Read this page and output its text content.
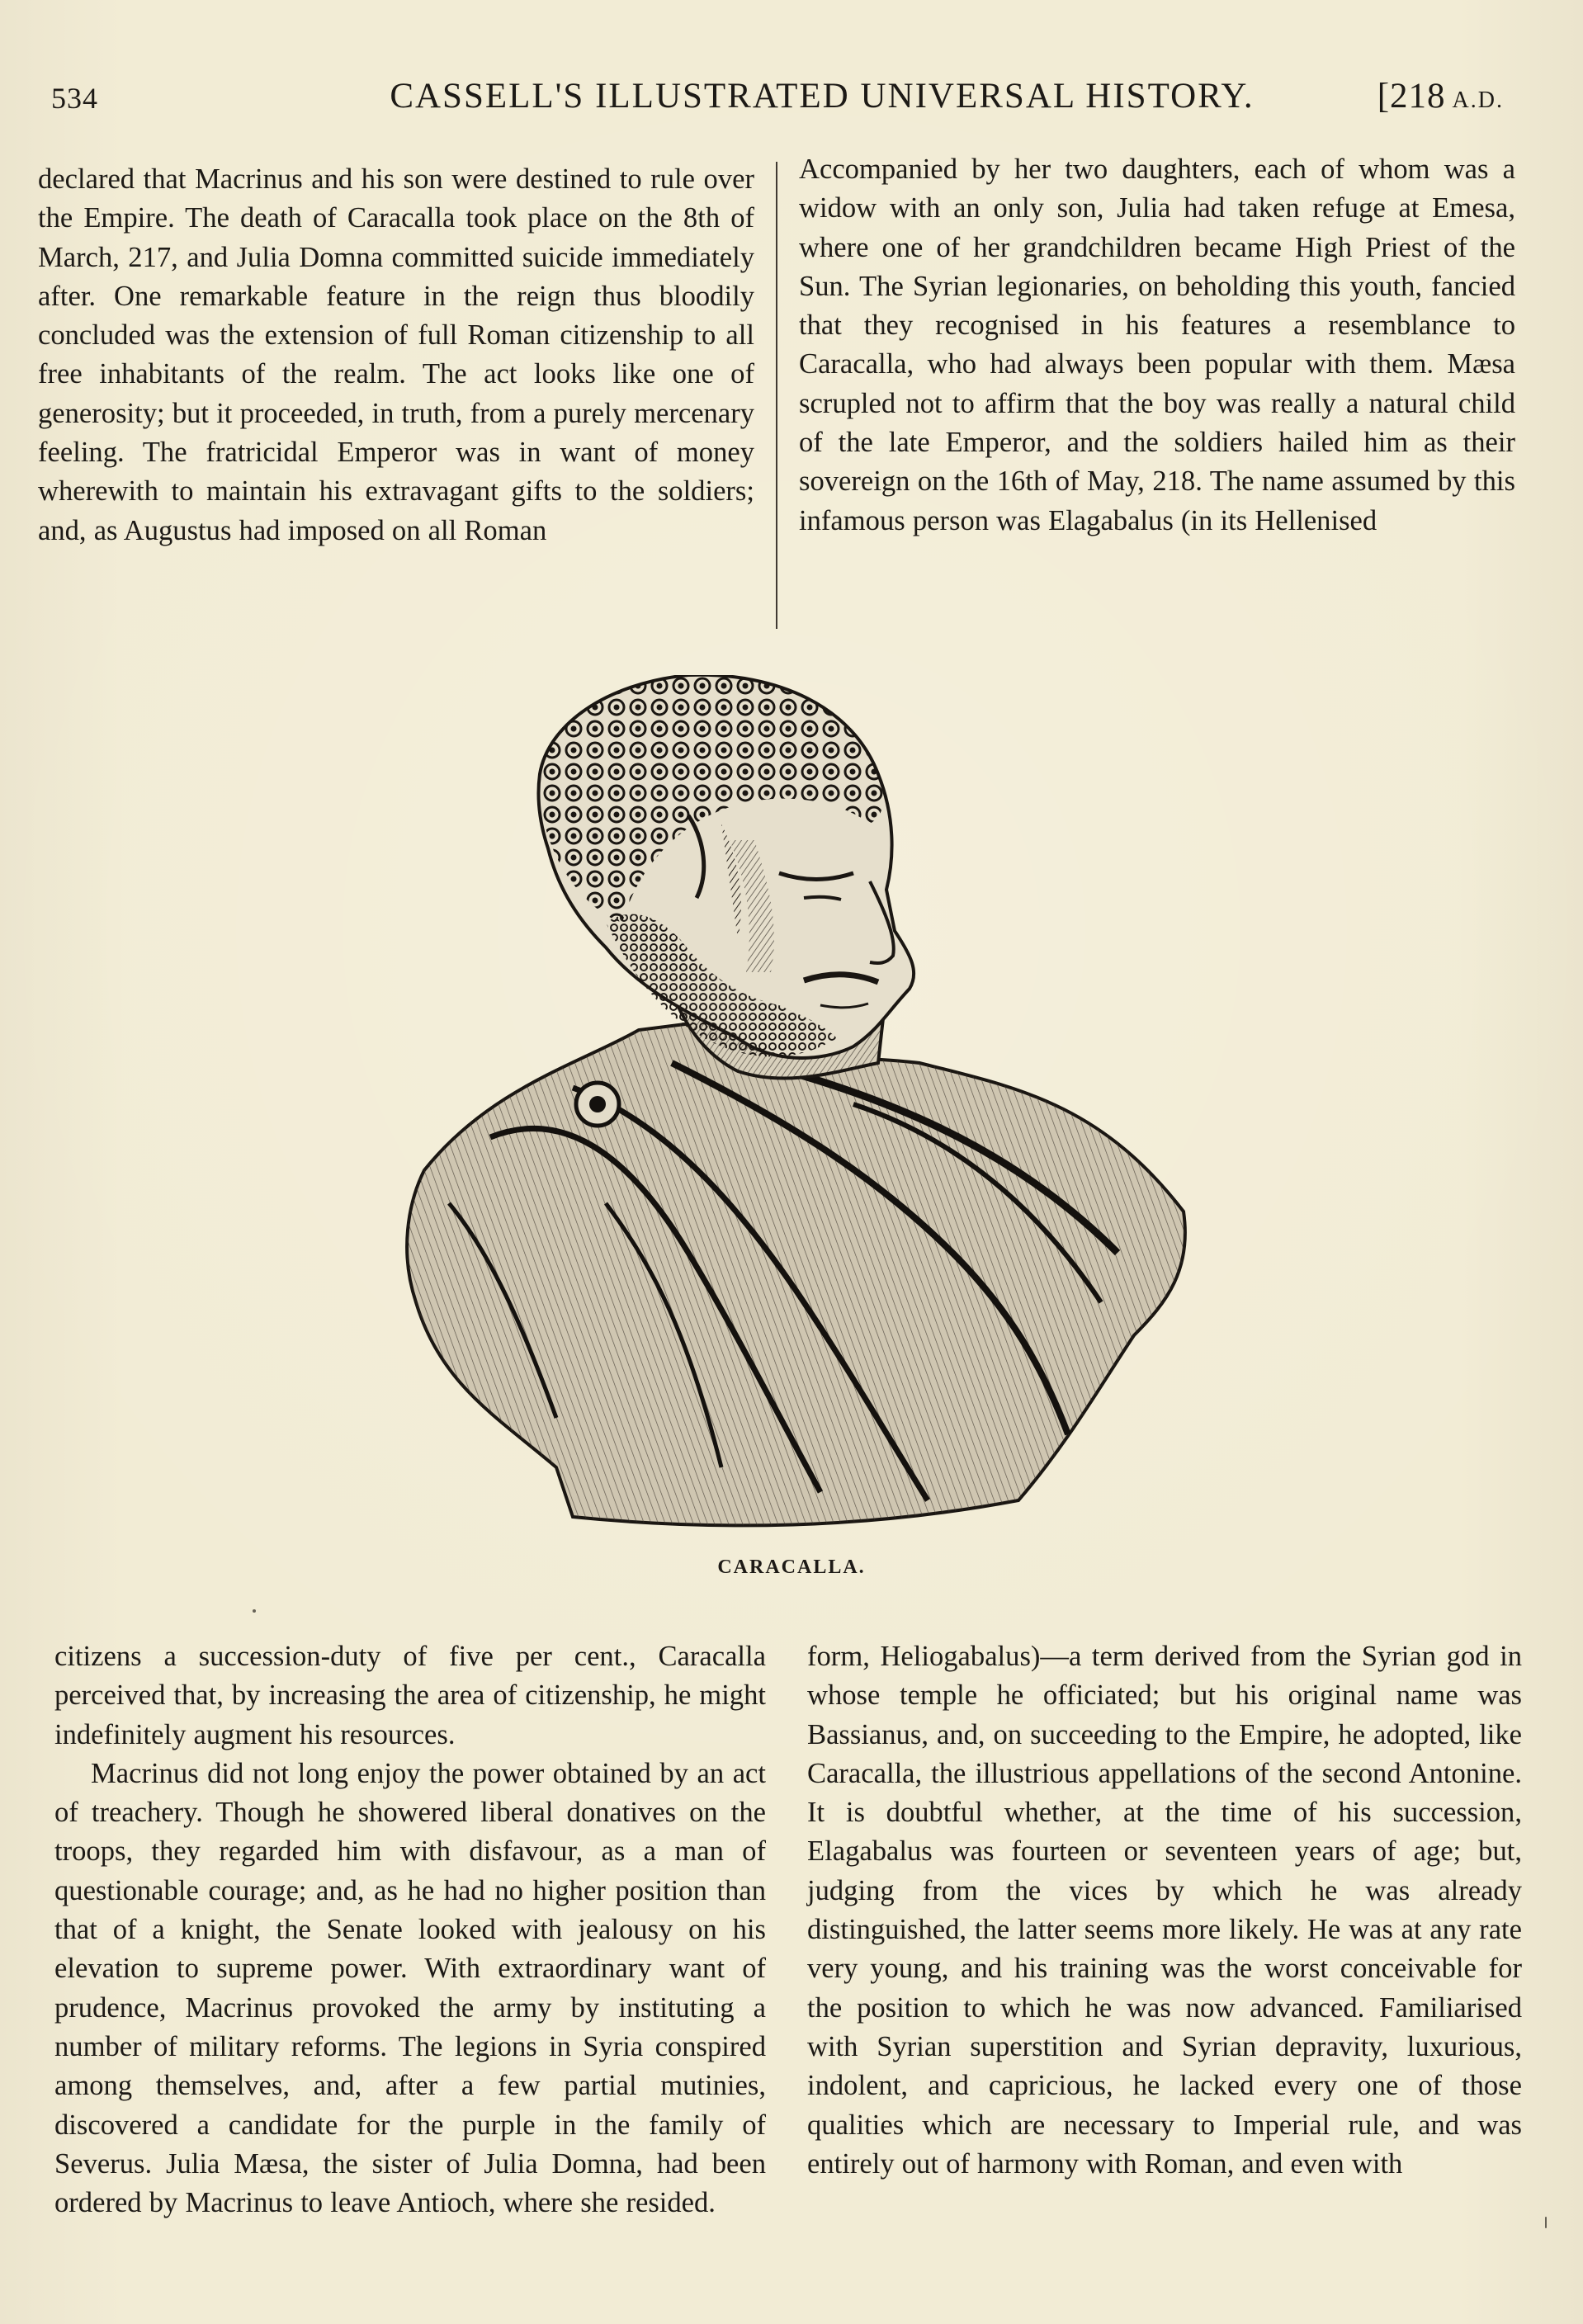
534	CASSELL'S ILLUSTRATED UNIVERSAL HISTORY.	[218 A.D.

declared that Macrinus and his son were destined to rule over the Empire. The death of Caracalla took place on the 8th of March, 217, and Julia Domna committed suicide immediately after. One remarkable feature in the reign thus bloodily concluded was the extension of full Roman citizenship to all free inhabitants of the realm. The act looks like one of generosity; but it proceeded, in truth, from a purely mercenary feeling. The fratricidal Emperor was in want of money wherewith to maintain his extravagant gifts to the soldiers; and, as Augustus had imposed on all Roman

Accompanied by her two daughters, each of whom was a widow with an only son, Julia had taken refuge at Emesa, where one of her grandchildren became High Priest of the Sun. The Syrian legionaries, on beholding this youth, fancied that they recognised in his features a resemblance to Caracalla, who had always been popular with them. Mæsa scrupled not to affirm that the boy was really a natural child of the late Emperor, and the soldiers hailed him as their sovereign on the 16th of May, 218. The name assumed by this infamous person was Elagabalus (in its Hellenised

CARACALLA.

citizens a succession-duty of five per cent., Caracalla perceived that, by increasing the area of citizenship, he might indefinitely augment his resources.

Macrinus did not long enjoy the power obtained by an act of treachery. Though he showered liberal donatives on the troops, they regarded him with disfavour, as a man of questionable courage; and, as he had no higher position than that of a knight, the Senate looked with jealousy on his elevation to supreme power. With extraordinary want of prudence, Macrinus provoked the army by instituting a number of military reforms. The legions in Syria conspired among themselves, and, after a few partial mutinies, discovered a candidate for the purple in the family of Severus. Julia Mæsa, the sister of Julia Domna, had been ordered by Macrinus to leave Antioch, where she resided.

form, Heliogabalus)—a term derived from the Syrian god in whose temple he officiated; but his original name was Bassianus, and, on succeeding to the Empire, he adopted, like Caracalla, the illustrious appellations of the second Antonine. It is doubtful whether, at the time of his succession, Elagabalus was fourteen or seventeen years of age; but, judging from the vices by which he was already distinguished, the latter seems more likely. He was at any rate very young, and his training was the worst conceivable for the position to which he was now advanced. Familiarised with Syrian superstition and Syrian depravity, luxurious, indolent, and capricious, he lacked every one of those qualities which are necessary to Imperial rule, and was entirely out of harmony with Roman, and even with
